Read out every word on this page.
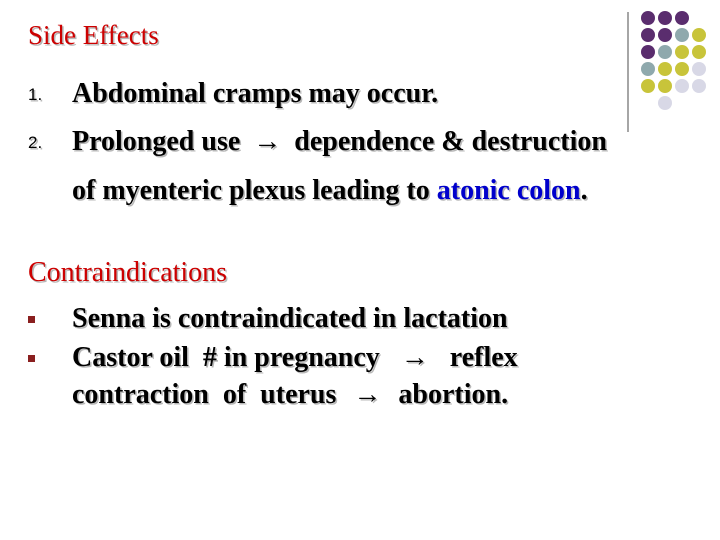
Side Effects
1. Abdominal cramps may occur.
2. Prolonged use → dependence & destruction
of myenteric plexus leading to atonic colon.
Contraindications
Senna is contraindicated in lactation
Castor oil  # in pregnancy → reflex
contraction  of  uterus → abortion.
